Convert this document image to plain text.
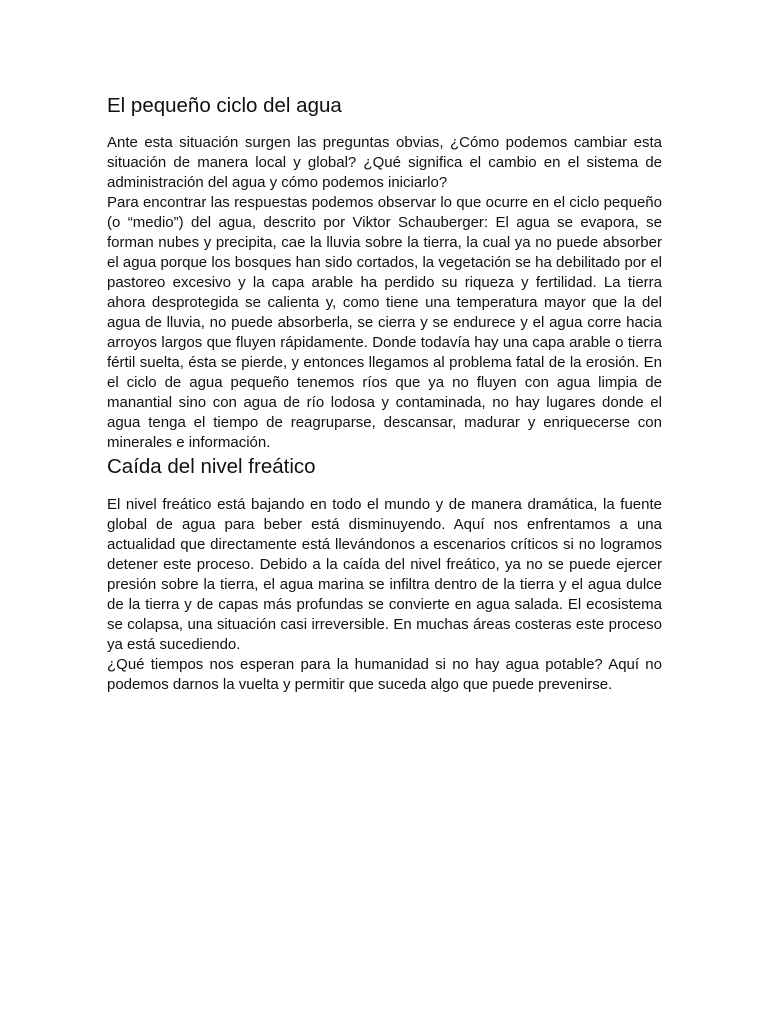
El pequeño ciclo del agua

Ante esta situación surgen las preguntas obvias, ¿Cómo podemos cambiar esta situación de manera local y global? ¿Qué significa el cambio en el sistema de administración del agua y cómo podemos iniciarlo?

Para encontrar las respuestas podemos observar lo que ocurre en el ciclo pequeño (o “medio”) del agua, descrito por Viktor Schauberger: El agua se evapora, se forman nubes y precipita, cae la lluvia sobre la tierra, la cual ya no puede absorber el agua porque los bosques han sido cortados, la vegetación se ha debilitado por el pastoreo excesivo y la capa arable ha perdido su riqueza y fertilidad. La tierra ahora desprotegida se calienta y, como tiene una temperatura mayor que la del agua de lluvia, no puede absorberla, se cierra y se endurece y el agua corre hacia arroyos largos que fluyen rápidamente. Donde todavía hay una capa arable o tierra fértil suelta, ésta se pierde, y entonces llegamos al problema fatal de la erosión. En el ciclo de agua pequeño tenemos ríos que ya no fluyen con agua limpia de manantial sino con agua de río lodosa y contaminada, no hay lugares donde el agua tenga el tiempo de reagruparse, descansar, madurar y enriquecerse con minerales e información.

Caída del nivel freático

El nivel freático está bajando en todo el mundo y de manera dramática, la fuente global de agua para beber está disminuyendo. Aquí nos enfrentamos a una actualidad que directamente está llevándonos a escenarios críticos si no logramos detener este proceso. Debido a la caída del nivel freático, ya no se puede ejercer presión sobre la tierra, el agua marina se infiltra dentro de la tierra y el agua dulce de la tierra y de capas más profundas se convierte en agua salada. El ecosistema se colapsa, una situación casi irreversible. En muchas áreas costeras este proceso ya está sucediendo.

¿Qué tiempos nos esperan para la humanidad si no hay agua potable? Aquí no podemos darnos la vuelta y permitir que suceda algo que puede prevenirse.
